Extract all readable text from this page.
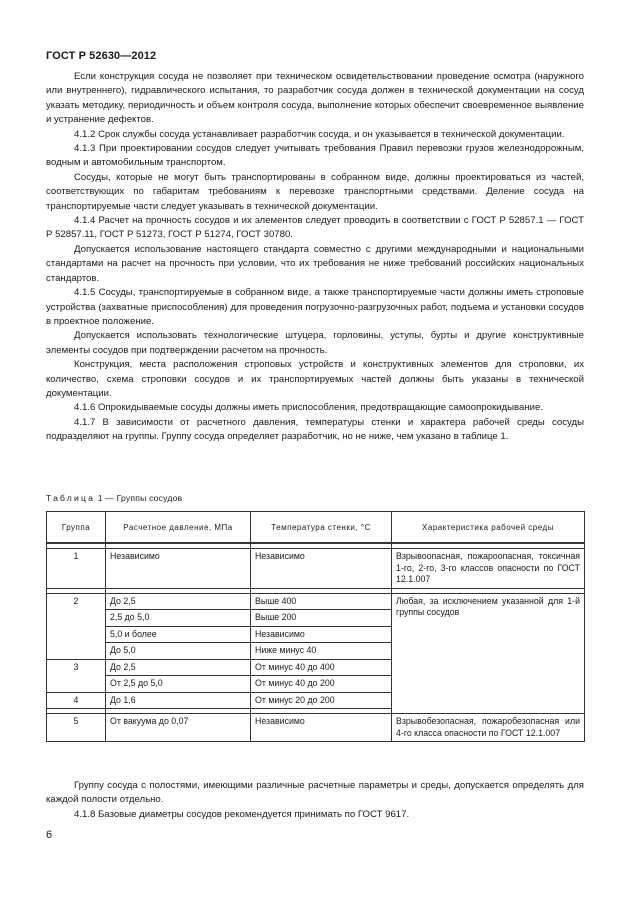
ГОСТ Р 52630—2012

Если конструкция сосуда не позволяет при техническом освидетельствовании проведение осмотра (наружного или внутреннего), гидравлического испытания, то разработчик сосуда должен в технической документации на сосуд указать методику, периодичность и объем контроля сосуда, выполнение которых обеспечит своевременное выявление и устранение дефектов.

4.1.2 Срок службы сосуда устанавливает разработчик сосуда, и он указывается в технической документации.

4.1.3 При проектировании сосудов следует учитывать требования Правил перевозки грузов железнодорожным, водным и автомобильным транспортом.

Сосуды, которые не могут быть транспортированы в собранном виде, должны проектироваться из частей, соответствующих по габаритам требованиям к перевозке транспортными средствами. Деление сосуда на транспортируемые части следует указывать в технической документации.

4.1.4 Расчет на прочность сосудов и их элементов следует проводить в соответствии с ГОСТ Р 52857.1 — ГОСТ Р 52857.11, ГОСТ Р 51273, ГОСТ Р 51274, ГОСТ 30780.

Допускается использование настоящего стандарта совместно с другими международными и национальными стандартами на расчет на прочность при условии, что их требования не ниже требований российских национальных стандартов.

4.1.5 Сосуды, транспортируемые в собранном виде, а также транспортируемые части должны иметь строповые устройства (захватные приспособления) для проведения погрузочно-разгрузочных работ, подъема и установки сосудов в проектное положение.

Допускается использовать технологические штуцера, горловины, уступы, бурты и другие конструктивные элементы сосудов при подтверждении расчетом на прочность.

Конструкция, места расположения строповых устройств и конструктивных элементов для строповки, их количество, схема строповки сосудов и их транспортируемых частей должны быть указаны в технической документации.

4.1.6 Опрокидываемые сосуды должны иметь приспособления, предотвращающие самоопрокидывание.

4.1.7 В зависимости от расчетного давления, температуры стенки и характера рабочей среды сосуды подразделяют на группы. Группу сосуда определяет разработчик, но не ниже, чем указано в таблице 1.

Таблица 1 — Группы сосудов
Группа	Расчетное давление, МПа	Температура стенки, °С	Характеристика рабочей среды

1	Независимо	Независимо	Взрывоопасная, пожароопасная, токсичная 1-го, 2-го, 3-го классов опасности по ГОСТ 12.1.007

2	До 2,5	Выше 400	Любая, за исключением указанной для 1-й группы сосудов
	2,5 до 5,0	Выше 200	
	5,0 и более	Независимо	
	До 5,0	Ниже минус 40	
3	До 2,5	От минус 40 до 400	
	От 2,5 до 5,0	От минус 40 до 200	
4	До 1,6	От минус 20 до 200	

5	От вакуума до 0,07	Независимо	Взрывобезопасная, пожаробезопасная или 4-го класса опасности по ГОСТ 12.1.007

Группу сосуда с полостями, имеющими различные расчетные параметры и среды, допускается определять для каждой полости отдельно.

4.1.8 Базовые диаметры сосудов рекомендуется принимать по ГОСТ 9617.

6
